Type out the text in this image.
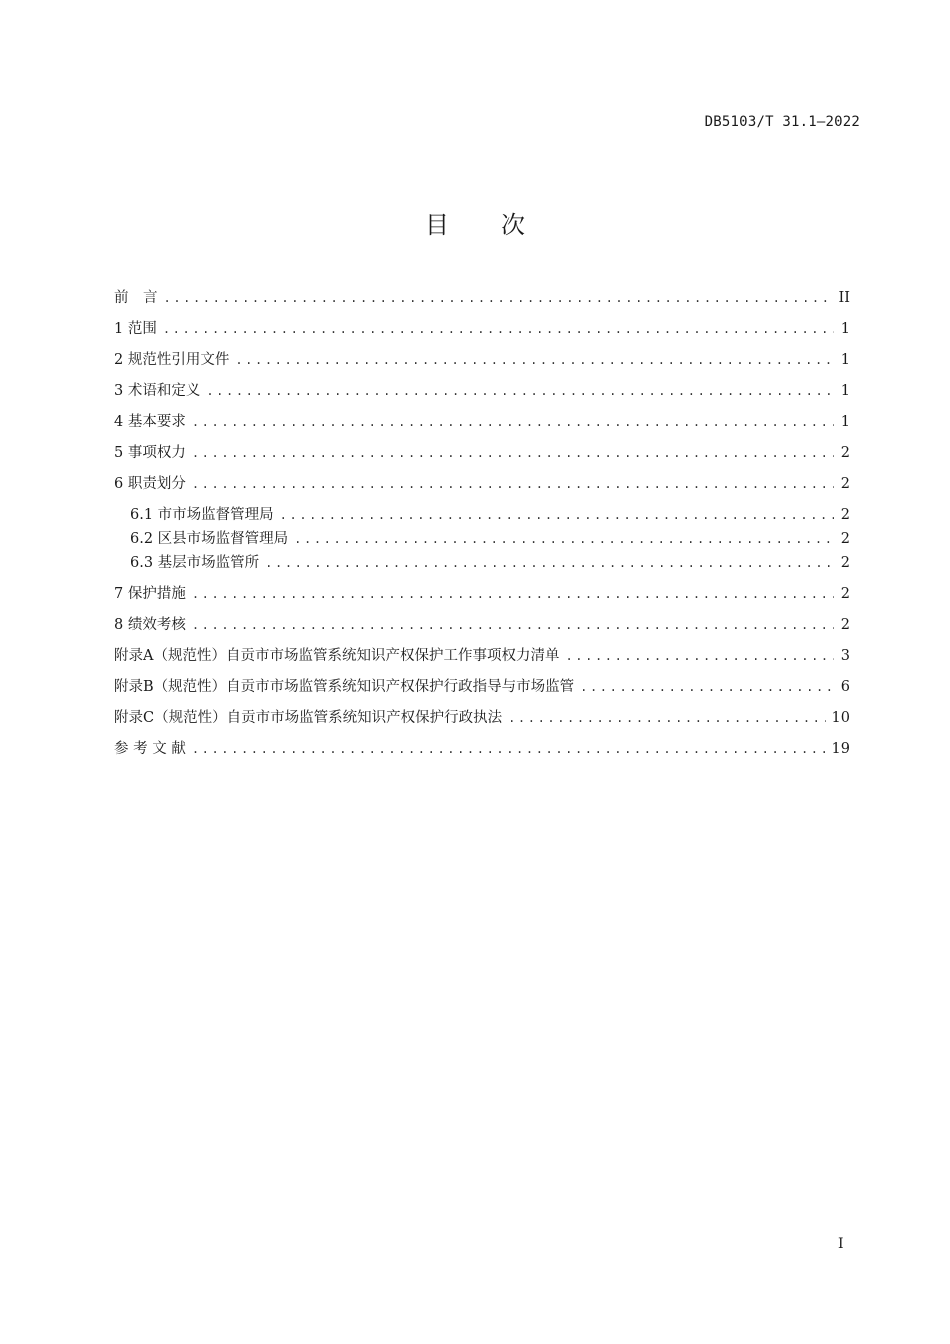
DB5103/T 31.1—2022
目 次
前　言 .....	II
1 范围 .....	1
2 规范性引用文件 .....	1
3 术语和定义 .....	1
4 基本要求 .....	1
5 事项权力 .....	2
6 职责划分 .....	2
6.1 市市场监督管理局 .....	2
6.2 区县市场监督管理局 .....	2
6.3 基层市场监管所 .....	2
7 保护措施 .....	2
8 绩效考核 .....	2
附录A（规范性）自贡市市场监管系统知识产权保护工作事项权力清单 .....	3
附录B（规范性）自贡市市场监管系统知识产权保护行政指导与市场监管 .....	6
附录C（规范性）自贡市市场监管系统知识产权保护行政执法 .....	10
参 考 文 献 .....	19
I
